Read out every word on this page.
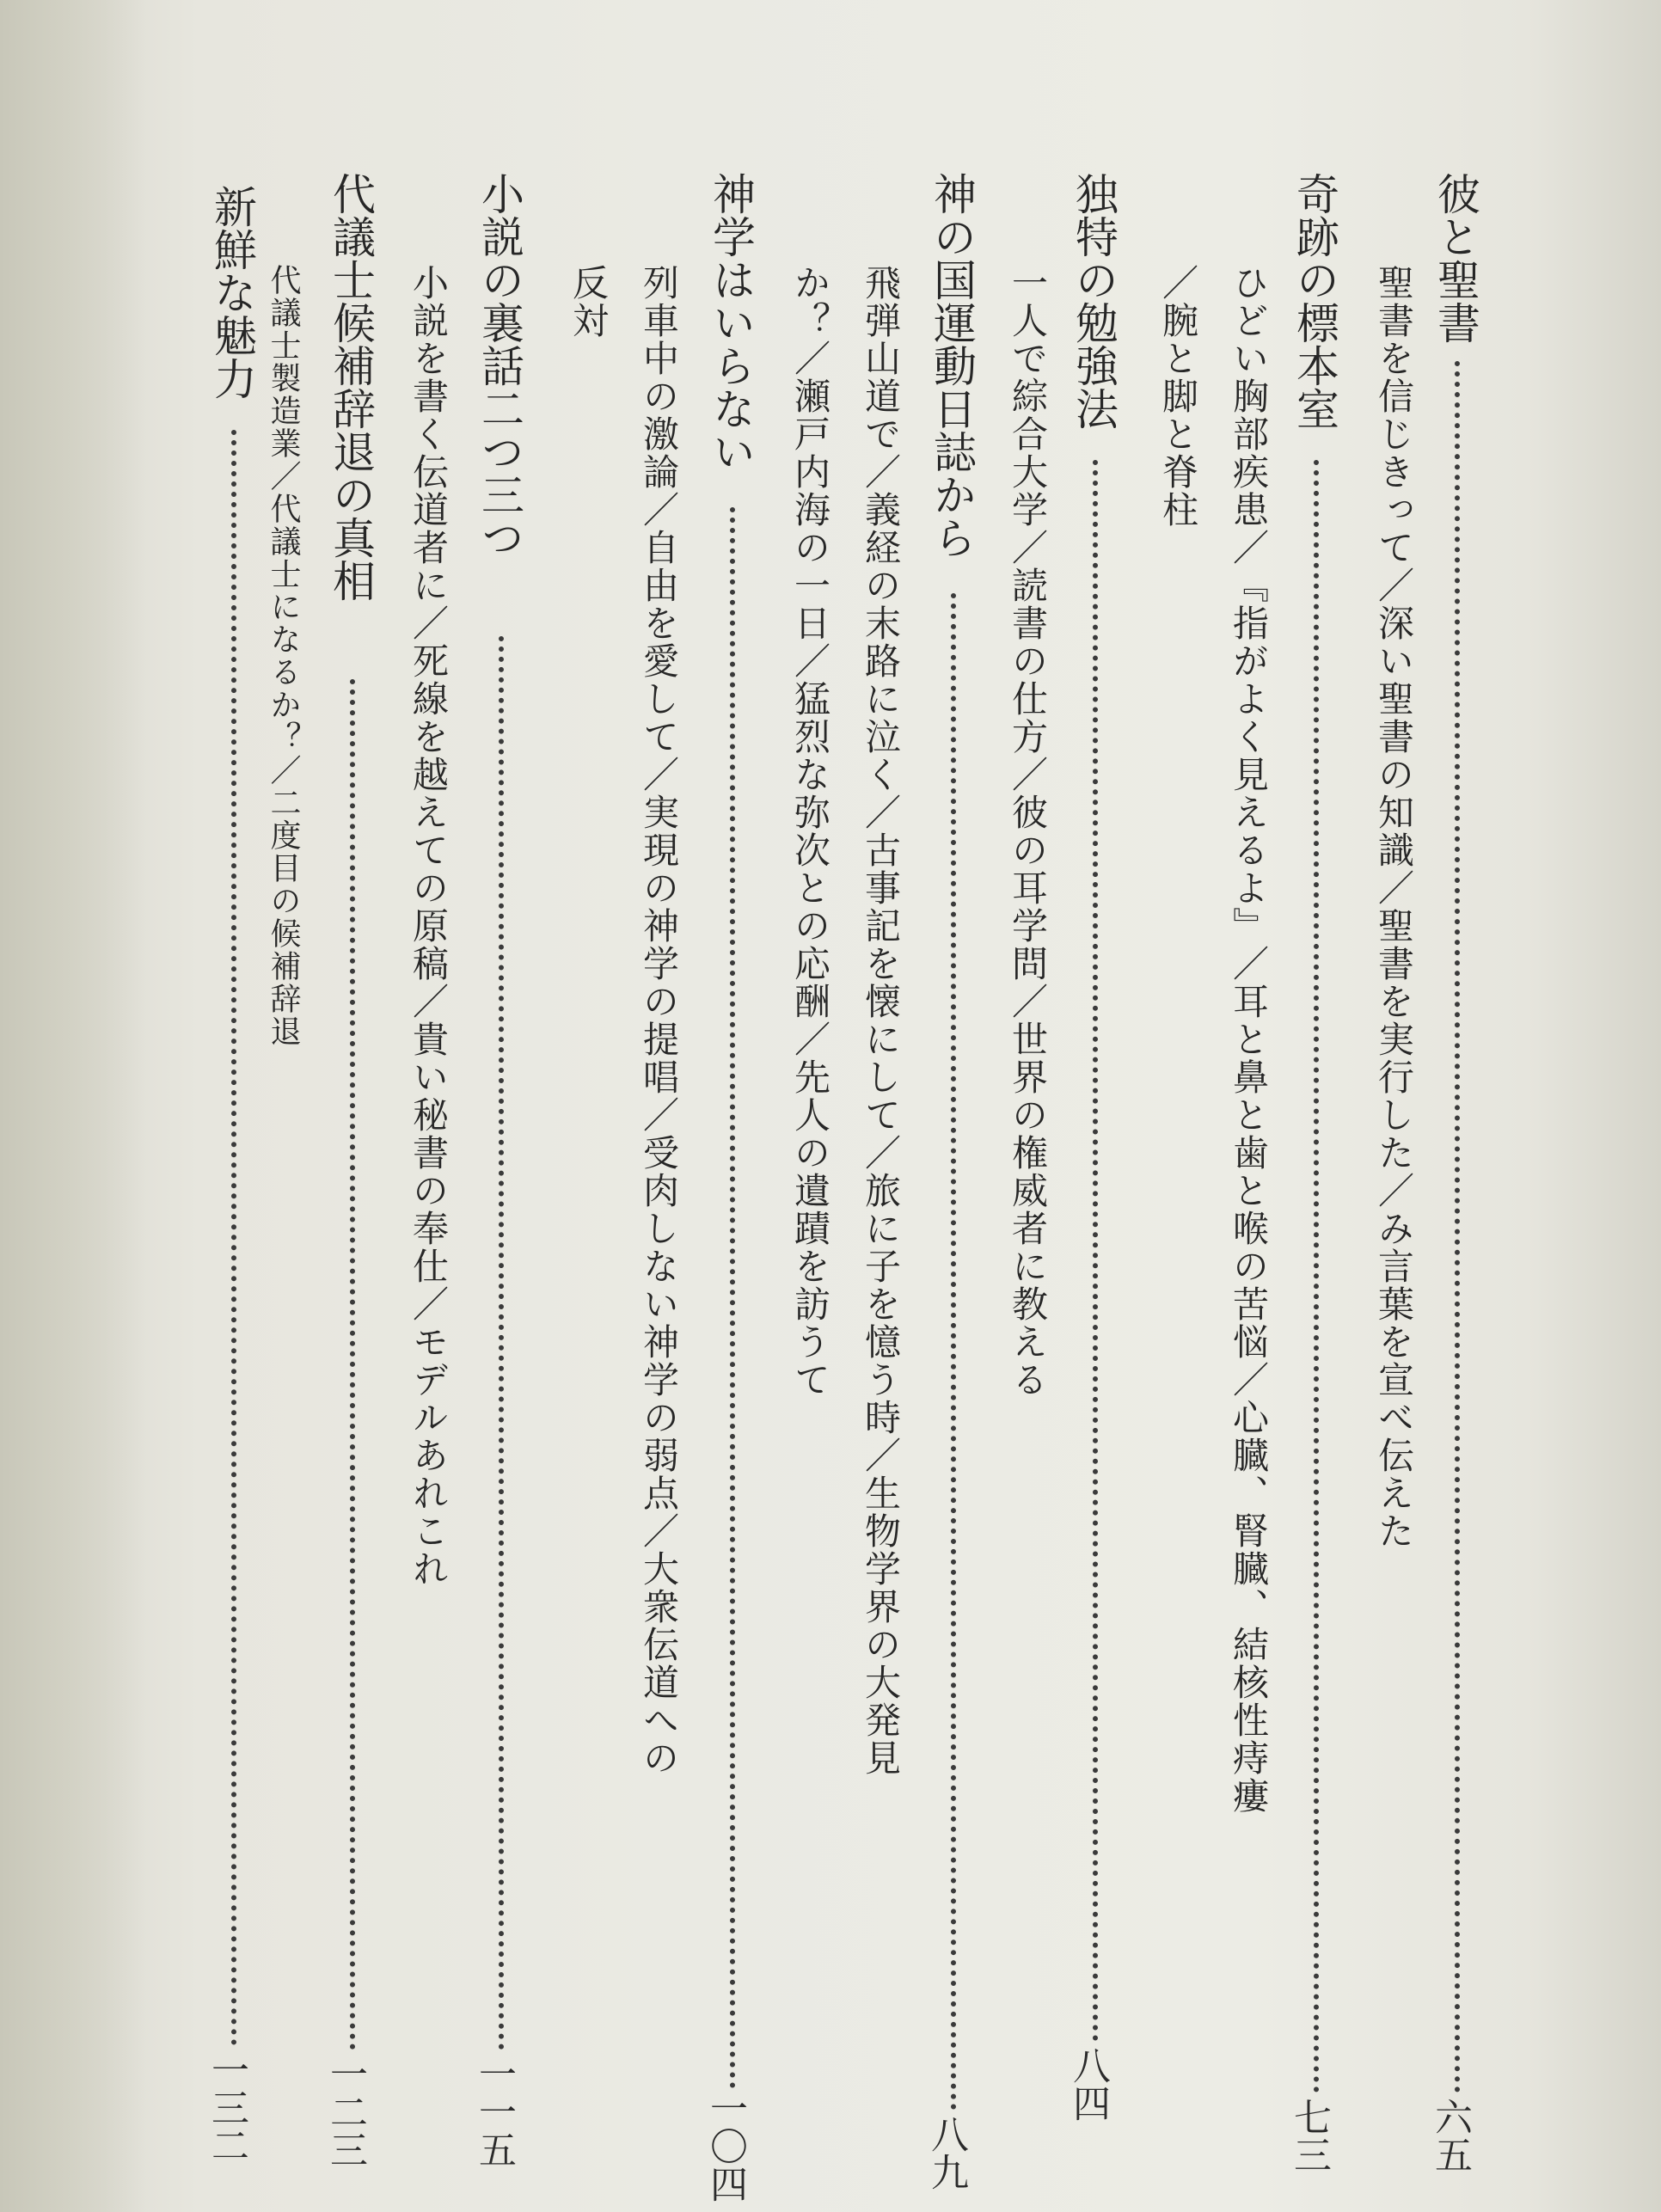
彼と聖書
六五
聖書を信じきって／深い聖書の知識／聖書を実行した／み言葉を宣べ伝えた
奇跡の標本室
七三
ひどい胸部疾患／『指がよく見えるよ』／耳と鼻と歯と喉の苦悩／心臓、腎臓、結核性痔瘻
／腕と脚と脊柱
独特の勉強法
八四
一人で綜合大学／読書の仕方／彼の耳学問／世界の権威者に教える
神の国運動日誌から
八九
飛弾山道で／義経の末路に泣く／古事記を懐にして／旅に子を憶う時／生物学界の大発見
か？／瀬戸内海の一日／猛烈な弥次との応酬／先人の遺蹟を訪うて
神学はいらない
一〇四
列車中の激論／自由を愛して／実現の神学の提唱／受肉しない神学の弱点／大衆伝道への
反対
小説の裏話二つ三つ
一一五
小説を書く伝道者に／死線を越えての原稿／貴い秘書の奉仕／モデルあれこれ
代議士候補辞退の真相
一二三
代議士製造業／代議士になるか？／二度目の候補辞退
新鮮な魅力
一三二
